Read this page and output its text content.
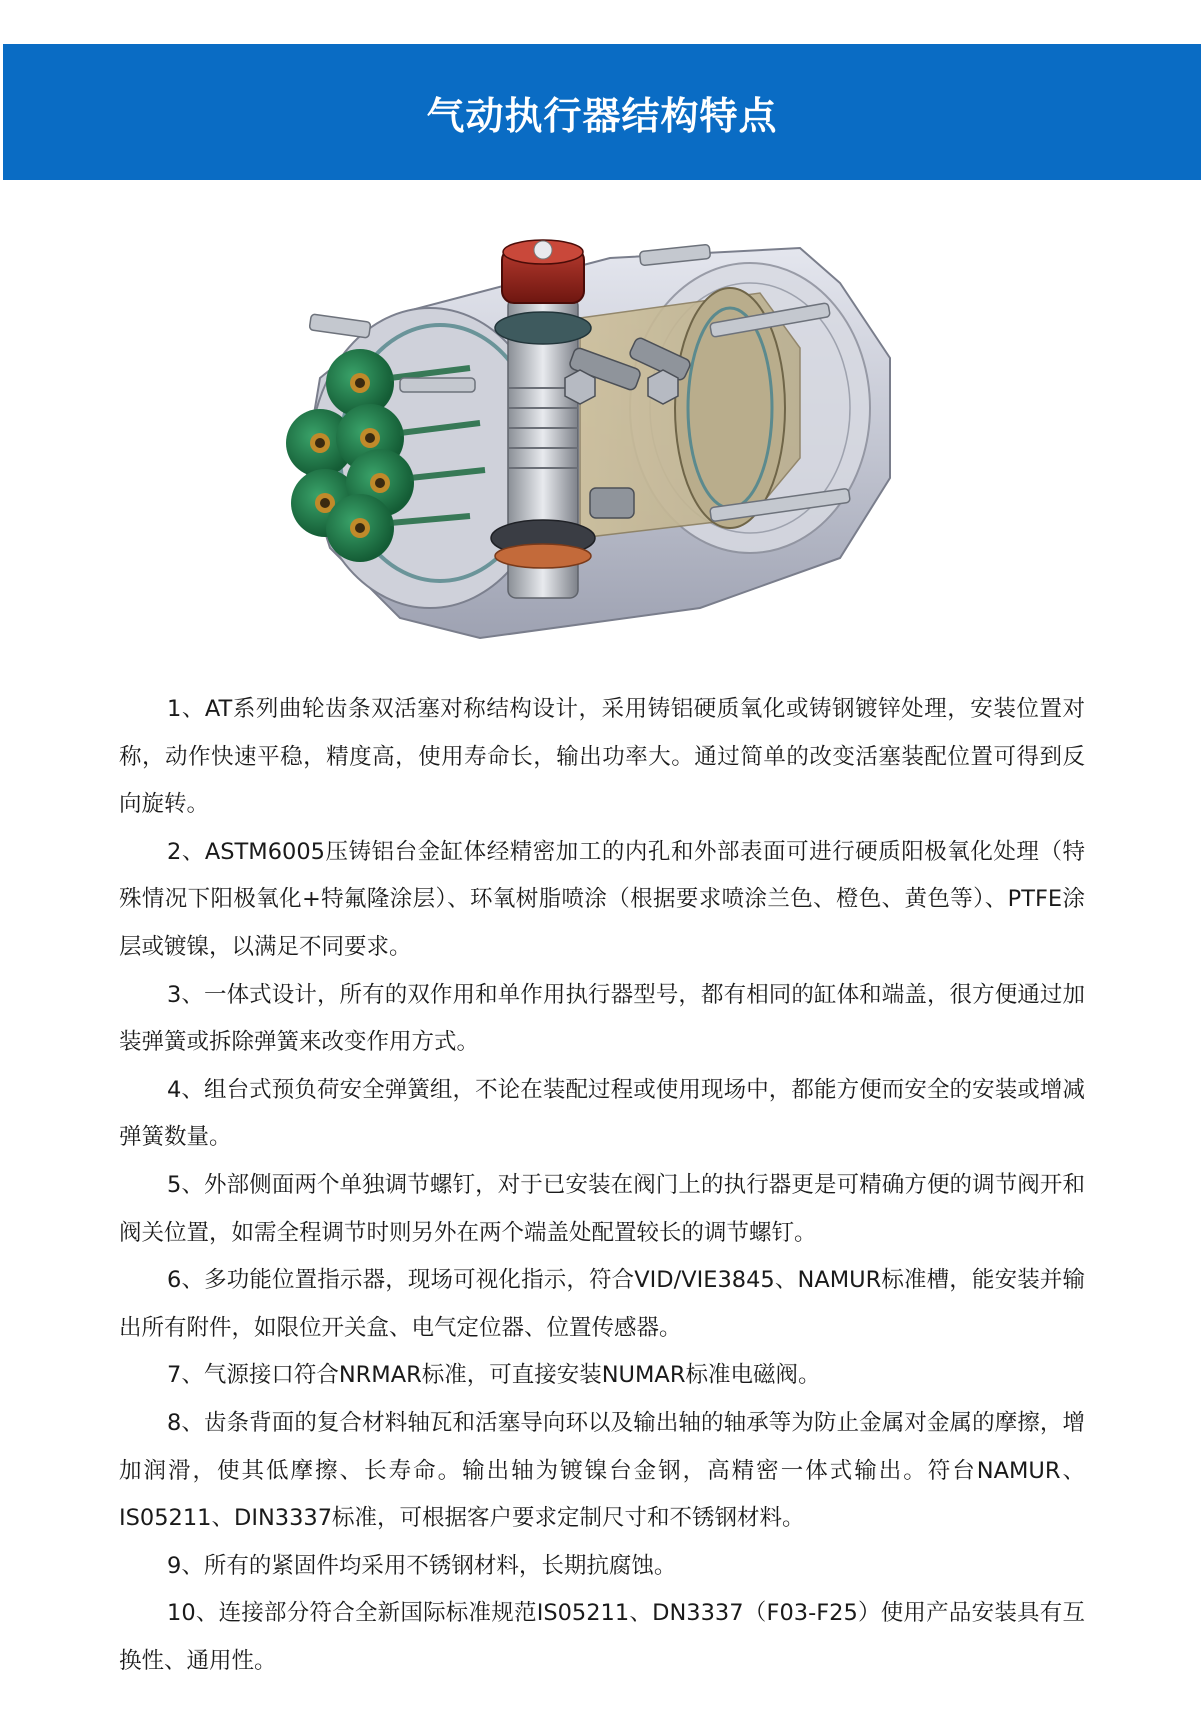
气动执行器结构特点

1、AT系列曲轮齿条双活塞对称结构设计，采用铸铝硬质氧化或铸钢镀锌处理，安装位置对称，动作快速平稳，精度高，使用寿命长，输出功率大。通过简单的改变活塞装配位置可得到反向旋转。

2、ASTM6005压铸铝台金缸体经精密加工的内孔和外部表面可进行硬质阳极氧化处理（特殊情况下阳极氧化+特氟隆涂层）、环氧树脂喷涂（根据要求喷涂兰色、橙色、黄色等）、PTFE涂层或镀镍，以满足不同要求。

3、一体式设计，所有的双作用和单作用执行器型号，都有相同的缸体和端盖，很方便通过加装弹簧或拆除弹簧来改变作用方式。

4、组台式预负荷安全弹簧组，不论在装配过程或使用现场中，都能方便而安全的安装或增减弹簧数量。

5、外部侧面两个单独调节螺钉，对于已安装在阀门上的执行器更是可精确方便的调节阀开和阀关位置，如需全程调节时则另外在两个端盖处配置较长的调节螺钉。

6、多功能位置指示器，现场可视化指示，符合VID/VIE3845、NAMUR标准槽，能安装并输出所有附件，如限位开关盒、电气定位器、位置传感器。

7、气源接口符合NRMAR标准，可直接安装NUMAR标准电磁阀。

8、齿条背面的复合材料轴瓦和活塞导向环以及输出轴的轴承等为防止金属对金属的摩擦，增加润滑，使其低摩擦、长寿命。输出轴为镀镍台金钢，高精密一体式输出。符台NAMUR、IS05211、DIN3337标准，可根据客户要求定制尺寸和不锈钢材料。

9、所有的紧固件均采用不锈钢材料，长期抗腐蚀。

10、连接部分符合全新国际标准规范IS05211、DN3337（F03-F25）使用产品安装具有互换性、通用性。
